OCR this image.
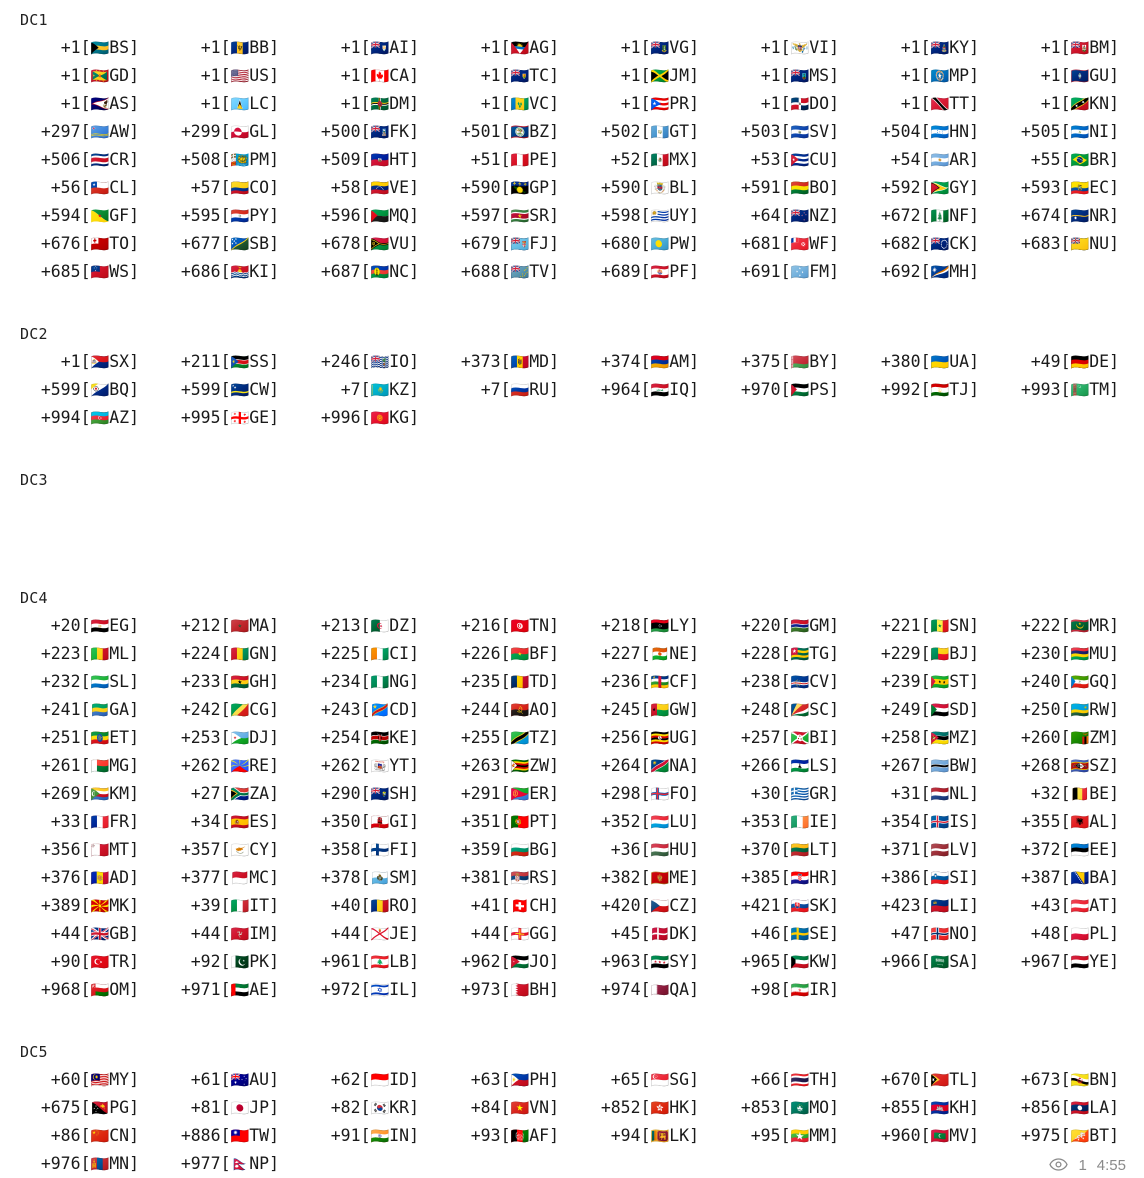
DC1
+1[🇧🇸BS]	+1[🇧🇧BB]	+1[🇦🇮AI]	+1[🇦🇬AG]	+1[🇻🇬VG]	+1[🇻🇮VI]	+1[🇰🇾KY]	+1[🇧🇲BM]
+1[🇬🇩GD]	+1[🇺🇸US]	+1[🇨🇦CA]	+1[🇹🇨TC]	+1[🇯🇲JM]	+1[🇲🇸MS]	+1[🇲🇵MP]	+1[🇬🇺GU]
+1[🇦🇸AS]	+1[🇱🇨LC]	+1[🇩🇲DM]	+1[🇻🇨VC]	+1[🇵🇷PR]	+1[🇩🇴DO]	+1[🇹🇹TT]	+1[🇰🇳KN]
+297[🇦🇼AW]	+299[🇬🇱GL]	+500[🇫🇰FK]	+501[🇧🇿BZ]	+502[🇬🇹GT]	+503[🇸🇻SV]	+504[🇭🇳HN]	+505[🇳🇮NI]
+506[🇨🇷CR]	+508[🇵🇲PM]	+509[🇭🇹HT]	+51[🇵🇪PE]	+52[🇲🇽MX]	+53[🇨🇺CU]	+54[🇦🇷AR]	+55[🇧🇷BR]
+56[🇨🇱CL]	+57[🇨🇴CO]	+58[🇻🇪VE]	+590[🇬🇵GP]	+590[🇧🇱BL]	+591[🇧🇴BO]	+592[🇬🇾GY]	+593[🇪🇨EC]
+594[🇬🇫GF]	+595[🇵🇾PY]	+596[🇲🇶MQ]	+597[🇸🇷SR]	+598[🇺🇾UY]	+64[🇳🇿NZ]	+672[🇳🇫NF]	+674[🇳🇷NR]
+676[🇹🇴TO]	+677[🇸🇧SB]	+678[🇻🇺VU]	+679[🇫🇯FJ]	+680[🇵🇼PW]	+681[🇼🇫WF]	+682[🇨🇰CK]	+683[🇳🇺NU]
+685[🇼🇸WS]	+686[🇰🇮KI]	+687[🇳🇨NC]	+688[🇹🇻TV]	+689[🇵🇫PF]	+691[🇫🇲FM]	+692[🇲🇭MH]
DC2
+1[🇸🇽SX]	+211[🇸🇸SS]	+246[🇮🇴IO]	+373[🇲🇩MD]	+374[🇦🇲AM]	+375[🇧🇾BY]	+380[🇺🇦UA]	+49[🇩🇪DE]
+599[🇧🇶BQ]	+599[🇨🇼CW]	+7[🇰🇿KZ]	+7[🇷🇺RU]	+964[🇮🇶IQ]	+970[🇵🇸PS]	+992[🇹🇯TJ]	+993[🇹🇲TM]
+994[🇦🇿AZ]	+995[🇬🇪GE]	+996[🇰🇬KG]
DC3
DC4
+20[🇪🇬EG]	+212[🇲🇦MA]	+213[🇩🇿DZ]	+216[🇹🇳TN]	+218[🇱🇾LY]	+220[🇬🇲GM]	+221[🇸🇳SN]	+222[🇲🇷MR]
+223[🇲🇱ML]	+224[🇬🇳GN]	+225[🇨🇮CI]	+226[🇧🇫BF]	+227[🇳🇪NE]	+228[🇹🇬TG]	+229[🇧🇯BJ]	+230[🇲🇺MU]
+232[🇸🇱SL]	+233[🇬🇭GH]	+234[🇳🇬NG]	+235[🇹🇩TD]	+236[🇨🇫CF]	+238[🇨🇻CV]	+239[🇸🇹ST]	+240[🇬🇶GQ]
+241[🇬🇦GA]	+242[🇨🇬CG]	+243[🇨🇩CD]	+244[🇦🇴AO]	+245[🇬🇼GW]	+248[🇸🇨SC]	+249[🇸🇩SD]	+250[🇷🇼RW]
+251[🇪🇹ET]	+253[🇩🇯DJ]	+254[🇰🇪KE]	+255[🇹🇿TZ]	+256[🇺🇬UG]	+257[🇧🇮BI]	+258[🇲🇿MZ]	+260[🇿🇲ZM]
+261[🇲🇬MG]	+262[🇷🇪RE]	+262[🇾🇹YT]	+263[🇿🇼ZW]	+264[🇳🇦NA]	+266[🇱🇸LS]	+267[🇧🇼BW]	+268[🇸🇿SZ]
+269[🇰🇲KM]	+27[🇿🇦ZA]	+290[🇸🇭SH]	+291[🇪🇷ER]	+298[🇫🇴FO]	+30[🇬🇷GR]	+31[🇳🇱NL]	+32[🇧🇪BE]
+33[🇫🇷FR]	+34[🇪🇸ES]	+350[🇬🇮GI]	+351[🇵🇹PT]	+352[🇱🇺LU]	+353[🇮🇪IE]	+354[🇮🇸IS]	+355[🇦🇱AL]
+356[🇲🇹MT]	+357[🇨🇾CY]	+358[🇫🇮FI]	+359[🇧🇬BG]	+36[🇭🇺HU]	+370[🇱🇹LT]	+371[🇱🇻LV]	+372[🇪🇪EE]
+376[🇦🇩AD]	+377[🇲🇨MC]	+378[🇸🇲SM]	+381[🇷🇸RS]	+382[🇲🇪ME]	+385[🇭🇷HR]	+386[🇸🇮SI]	+387[🇧🇦BA]
+389[🇲🇰MK]	+39[🇮🇹IT]	+40[🇷🇴RO]	+41[🇨🇭CH]	+420[🇨🇿CZ]	+421[🇸🇰SK]	+423[🇱🇮LI]	+43[🇦🇹AT]
+44[🇬🇧GB]	+44[🇮🇲IM]	+44[🇯🇪JE]	+44[🇬🇬GG]	+45[🇩🇰DK]	+46[🇸🇪SE]	+47[🇳🇴NO]	+48[🇵🇱PL]
+90[🇹🇷TR]	+92[🇵🇰PK]	+961[🇱🇧LB]	+962[🇯🇴JO]	+963[🇸🇾SY]	+965[🇰🇼KW]	+966[🇸🇦SA]	+967[🇾🇪YE]
+968[🇴🇲OM]	+971[🇦🇪AE]	+972[🇮🇱IL]	+973[🇧🇭BH]	+974[🇶🇦QA]	+98[🇮🇷IR]
DC5
+60[🇲🇾MY]	+61[🇦🇺AU]	+62[🇮🇩ID]	+63[🇵🇭PH]	+65[🇸🇬SG]	+66[🇹🇭TH]	+670[🇹🇱TL]	+673[🇧🇳BN]
+675[🇵🇬PG]	+81[🇯🇵JP]	+82[🇰🇷KR]	+84[🇻🇳VN]	+852[🇭🇰HK]	+853[🇲🇴MO]	+855[🇰🇭KH]	+856[🇱🇦LA]
+86[🇨🇳CN]	+886[🇹🇼TW]	+91[🇮🇳IN]	+93[🇦🇫AF]	+94[🇱🇰LK]	+95[🇲🇲MM]	+960[🇲🇻MV]	+975[🇧🇹BT]
+976[🇲🇳MN]	+977[🇳🇵NP]	1 4:55
